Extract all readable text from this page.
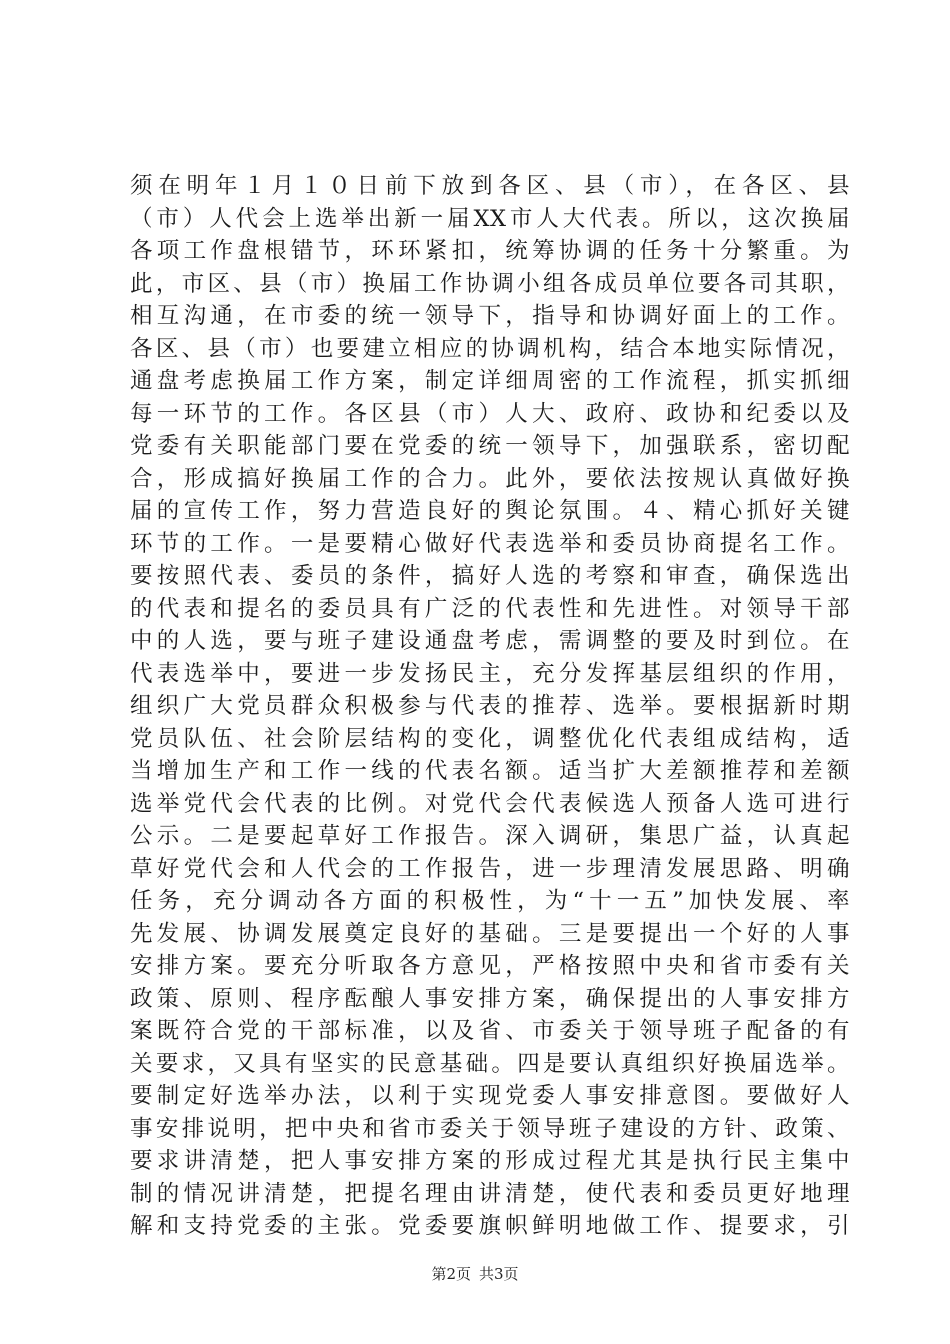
须在明年１月１０日前下放到各区、县（市），在各区、县
（市）人代会上选举出新一届XX市人大代表。所以，这次换届
各项工作盘根错节，环环紧扣，统筹协调的任务十分繁重。为
此，市区、县（市）换届工作协调小组各成员单位要各司其职，
相互沟通，在市委的统一领导下，指导和协调好面上的工作。
各区、县（市）也要建立相应的协调机构，结合本地实际情况，
通盘考虑换届工作方案，制定详细周密的工作流程，抓实抓细
每一环节的工作。各区县（市）人大、政府、政协和纪委以及
党委有关职能部门要在党委的统一领导下，加强联系，密切配
合，形成搞好换届工作的合力。此外，要依法按规认真做好换
届的宣传工作，努力营造良好的舆论氛围。４、精心抓好关键
环节的工作。一是要精心做好代表选举和委员协商提名工作。
要按照代表、委员的条件，搞好人选的考察和审查，确保选出
的代表和提名的委员具有广泛的代表性和先进性。对领导干部
中的人选，要与班子建设通盘考虑，需调整的要及时到位。在
代表选举中，要进一步发扬民主，充分发挥基层组织的作用，
组织广大党员群众积极参与代表的推荐、选举。要根据新时期
党员队伍、社会阶层结构的变化，调整优化代表组成结构，适
当增加生产和工作一线的代表名额。适当扩大差额推荐和差额
选举党代会代表的比例。对党代会代表候选人预备人选可进行
公示。二是要起草好工作报告。深入调研，集思广益，认真起
草好党代会和人代会的工作报告，进一步理清发展思路、明确
任务，充分调动各方面的积极性，为“十一五”加快发展、率
先发展、协调发展奠定良好的基础。三是要提出一个好的人事
安排方案。要充分听取各方意见，严格按照中央和省市委有关
政策、原则、程序酝酿人事安排方案，确保提出的人事安排方
案既符合党的干部标准，以及省、市委关于领导班子配备的有
关要求，又具有坚实的民意基础。四是要认真组织好换届选举。
要制定好选举办法，以利于实现党委人事安排意图。要做好人
事安排说明，把中央和省市委关于领导班子建设的方针、政策、
要求讲清楚，把人事安排方案的形成过程尤其是执行民主集中
制的情况讲清楚，把提名理由讲清楚，使代表和委员更好地理
解和支持党委的主张。党委要旗帜鲜明地做工作、提要求，引
第2页 共3页
